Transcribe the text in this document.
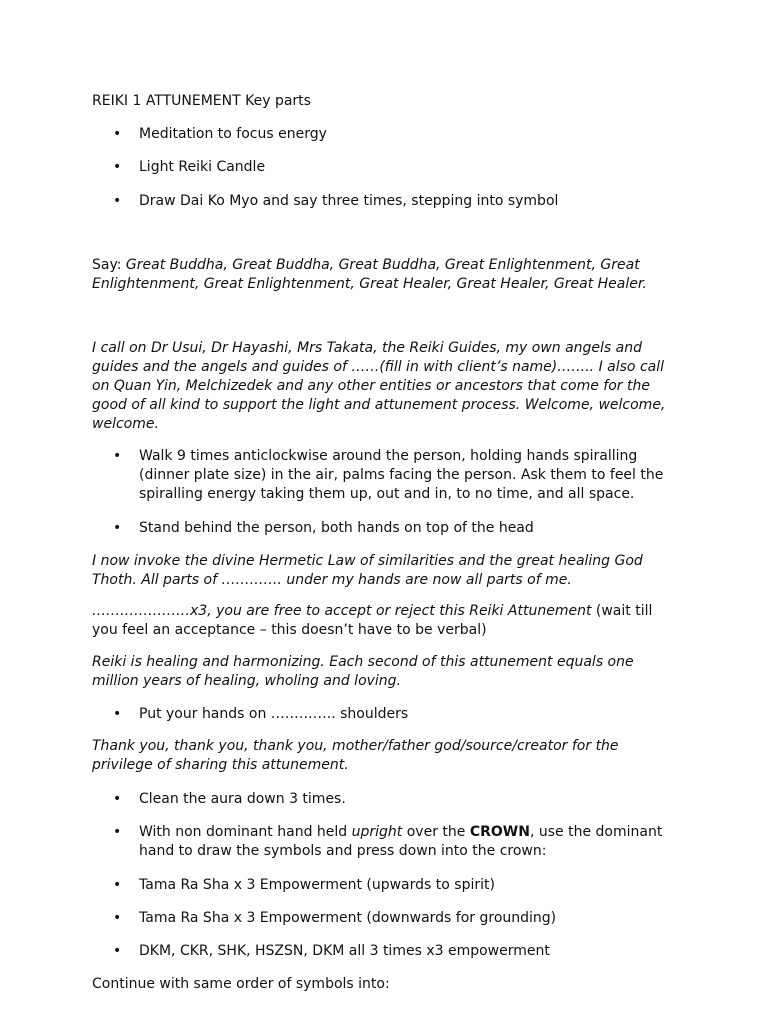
REIKI 1 ATTUNEMENT Key parts

• Meditation to focus energy
• Light Reiki Candle
• Draw Dai Ko Myo and say three times, stepping into symbol

Say: Great Buddha, Great Buddha, Great Buddha, Great Enlightenment, Great Enlightenment, Great Enlightenment, Great Healer, Great Healer, Great Healer.

I call on Dr Usui, Dr Hayashi, Mrs Takata, the Reiki Guides, my own angels and guides and the angels and guides of ……(fill in with client’s name)…….. I also call on Quan Yin, Melchizedek and any other entities or ancestors that come for the good of all kind to support the light and attunement process. Welcome, welcome, welcome.

• Walk 9 times anticlockwise around the person, holding hands spiralling (dinner plate size) in the air, palms facing the person. Ask them to feel the spiralling energy taking them up, out and in, to no time, and all space.
• Stand behind the person, both hands on top of the head

I now invoke the divine Hermetic Law of similarities and the great healing God Thoth. All parts of …………. under my hands are now all parts of me.

…………………x3, you are free to accept or reject this Reiki Attunement (wait till you feel an acceptance – this doesn’t have to be verbal)

Reiki is healing and harmonizing. Each second of this attunement equals one million years of healing, wholing and loving.

• Put your hands on ………….. shoulders

Thank you, thank you, thank you, mother/father god/source/creator for the privilege of sharing this attunement.

• Clean the aura down 3 times.
• With non dominant hand held upright over the CROWN, use the dominant hand to draw the symbols and press down into the crown:
• Tama Ra Sha x 3 Empowerment (upwards to spirit)
• Tama Ra Sha x 3 Empowerment (downwards for grounding)
• DKM, CKR, SHK, HSZSN, DKM all 3 times x3 empowerment

Continue with same order of symbols into:
